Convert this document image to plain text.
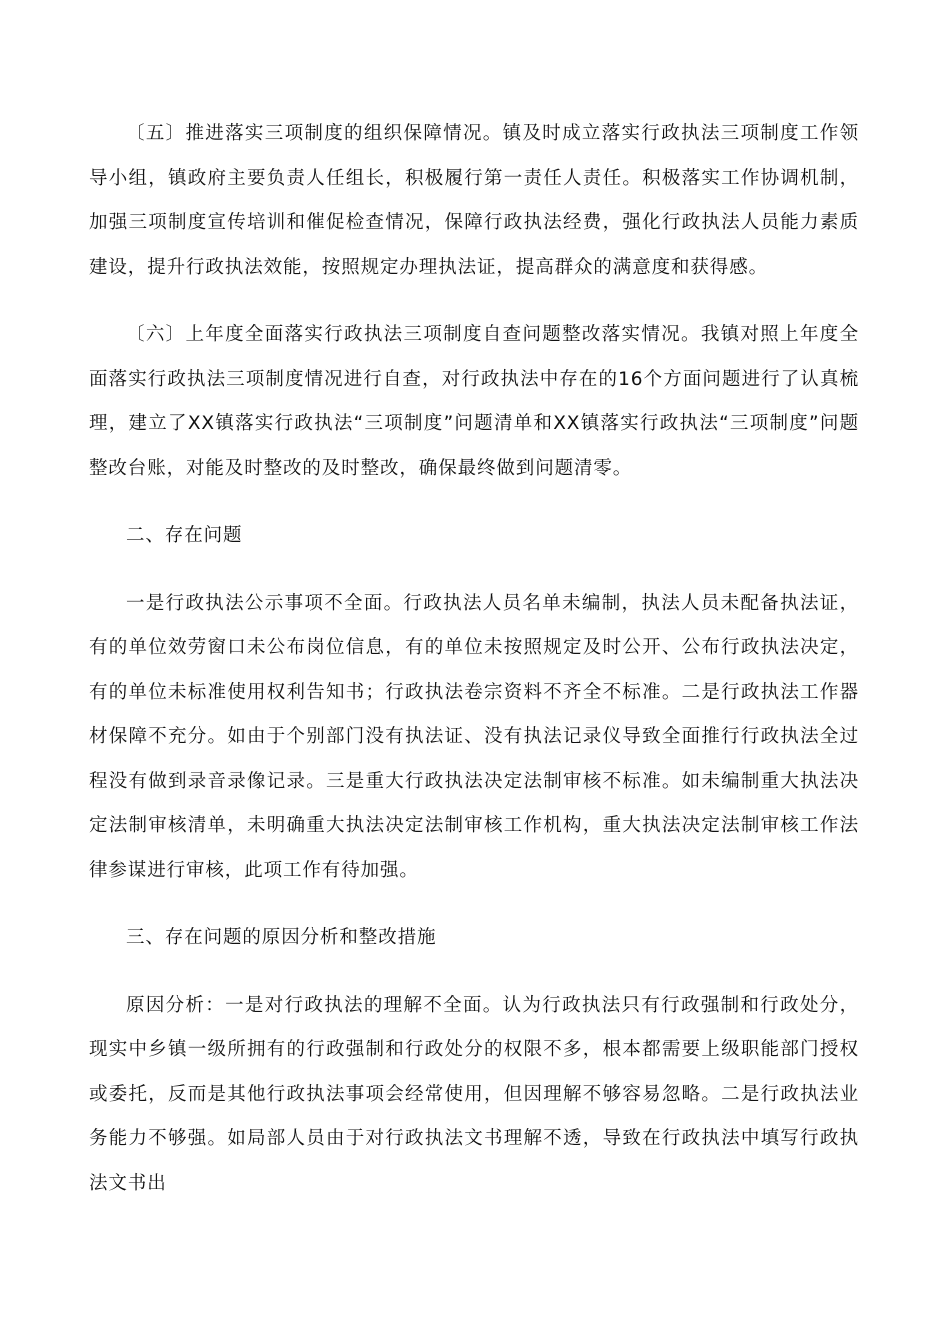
〔五〕推进落实三项制度的组织保障情况。镇及时成立落实行政执法三项制度工作领导小组，镇政府主要负责人任组长，积极履行第一责任人责任。积极落实工作协调机制，加强三项制度宣传培训和催促检查情况，保障行政执法经费，强化行政执法人员能力素质建设，提升行政执法效能，按照规定办理执法证，提高群众的满意度和获得感。

〔六〕上年度全面落实行政执法三项制度自查问题整改落实情况。我镇对照上年度全面落实行政执法三项制度情况进行自查，对行政执法中存在的16个方面问题进行了认真梳理，建立了XX镇落实行政执法“三项制度”问题清单和XX镇落实行政执法“三项制度”问题整改台账，对能及时整改的及时整改，确保最终做到问题清零。

二、存在问题

一是行政执法公示事项不全面。行政执法人员名单未编制，执法人员未配备执法证，有的单位效劳窗口未公布岗位信息，有的单位未按照规定及时公开、公布行政执法决定，有的单位未标准使用权利告知书；行政执法卷宗资料不齐全不标准。二是行政执法工作器材保障不充分。如由于个别部门没有执法证、没有执法记录仪导致全面推行行政执法全过程没有做到录音录像记录。三是重大行政执法决定法制审核不标准。如未编制重大执法决定法制审核清单，未明确重大执法决定法制审核工作机构，重大执法决定法制审核工作法律参谋进行审核，此项工作有待加强。

三、存在问题的原因分析和整改措施

原因分析：一是对行政执法的理解不全面。认为行政执法只有行政强制和行政处分，现实中乡镇一级所拥有的行政强制和行政处分的权限不多，根本都需要上级职能部门授权或委托，反而是其他行政执法事项会经常使用，但因理解不够容易忽略。二是行政执法业务能力不够强。如局部人员由于对行政执法文书理解不透，导致在行政执法中填写行政执法文书出
